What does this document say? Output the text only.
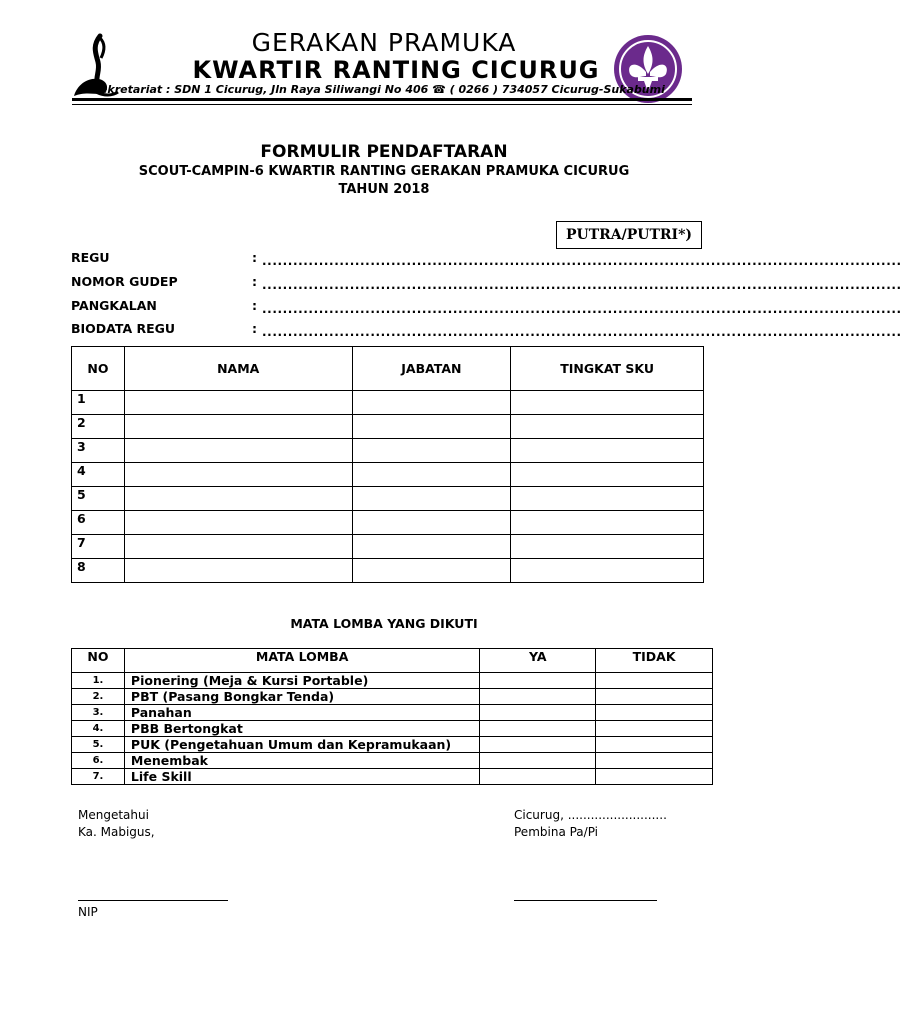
GERAKAN PRAMUKA
KWARTIR RANTING CICURUG
Sekretariat : SDN 1 Cicurug, Jln Raya Siliwangi No 406 ☎ ( 0266 ) 734057 Cicurug-Sukabumi
FORMULIR PENDAFTARAN
SCOUT-CAMPIN-6 KWARTIR RANTING GERAKAN PRAMUKA CICURUG
TAHUN 2018
PUTRA/PUTRI*)
REGU	: ............................................................................................................................
NOMOR GUDEP	: ............................................................................................................................
PANGKALAN	: ............................................................................................................................
BIODATA REGU	: ............................................................................................................................
NO	NAMA	JABATAN	TINGKAT SKU
1			
2			
3			
4			
5			
6			
7			
8			
MATA LOMBA YANG DIKUTI
NO	MATA LOMBA	YA	TIDAK
1.	Pionering (Meja & Kursi Portable)		
2.	PBT (Pasang Bongkar Tenda)		
3.	Panahan		
4.	PBB Bertongkat		
5.	PUK (Pengetahuan Umum dan Kepramukaan)		
6.	Menembak		
7.	Life Skill		
Mengetahui
Ka. Mabigus,
NIP
Cicurug, ..........................
Pembina Pa/Pi
